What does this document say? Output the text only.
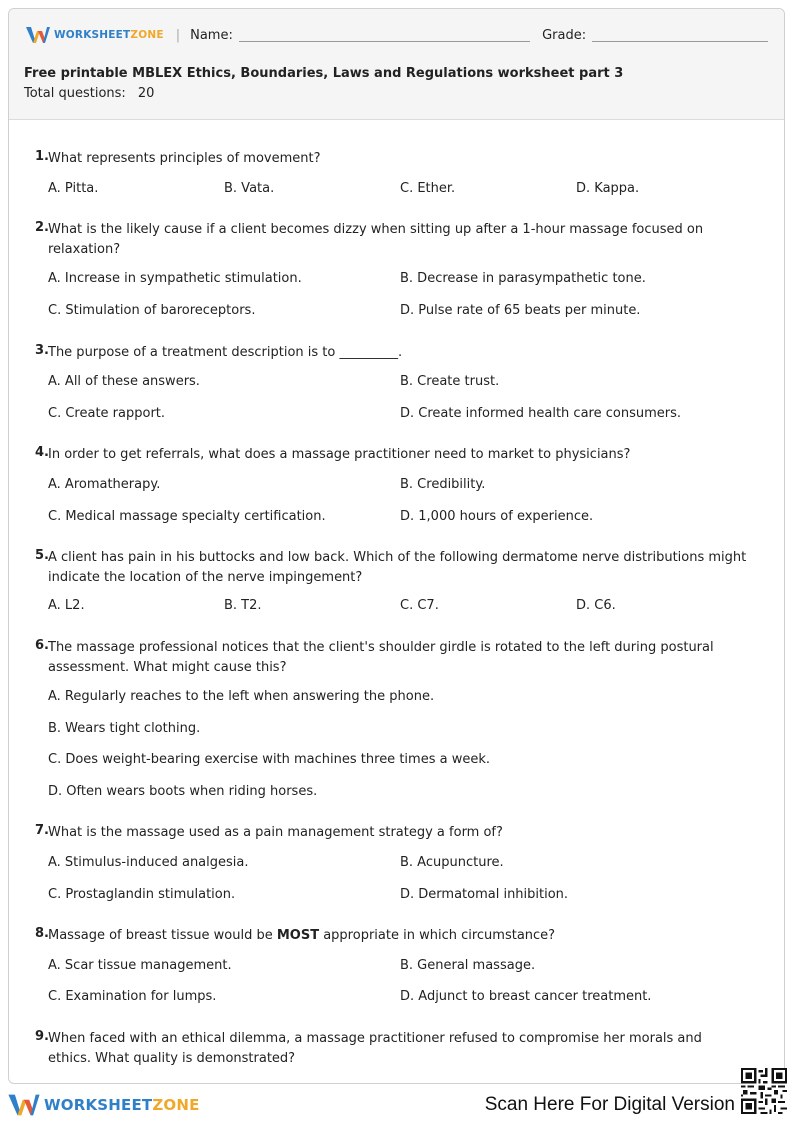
WORKSHEETZONE | Name:	Grade:
Free printable MBLEX Ethics, Boundaries, Laws and Regulations worksheet part 3
Total questions: 20
1. What represents principles of movement?
A. Pitta.	B. Vata.	C. Ether.	D. Kappa.
2. What is the likely cause if a client becomes dizzy when sitting up after a 1-hour massage focused on relaxation?
A. Increase in sympathetic stimulation.	B. Decrease in parasympathetic tone.
C. Stimulation of baroreceptors.	D. Pulse rate of 65 beats per minute.
3. The purpose of a treatment description is to _________.
A. All of these answers.	B. Create trust.
C. Create rapport.	D. Create informed health care consumers.
4. In order to get referrals, what does a massage practitioner need to market to physicians?
A. Aromatherapy.	B. Credibility.
C. Medical massage specialty certification.	D. 1,000 hours of experience.
5. A client has pain in his buttocks and low back. Which of the following dermatome nerve distributions might indicate the location of the nerve impingement?
A. L2.	B. T2.	C. C7.	D. C6.
6. The massage professional notices that the client's shoulder girdle is rotated to the left during postural assessment. What might cause this?
A. Regularly reaches to the left when answering the phone.
B. Wears tight clothing.
C. Does weight-bearing exercise with machines three times a week.
D. Often wears boots when riding horses.
7. What is the massage used as a pain management strategy a form of?
A. Stimulus-induced analgesia.	B. Acupuncture.
C. Prostaglandin stimulation.	D. Dermatomal inhibition.
8. Massage of breast tissue would be MOST appropriate in which circumstance?
A. Scar tissue management.	B. General massage.
C. Examination for lumps.	D. Adjunct to breast cancer treatment.
9. When faced with an ethical dilemma, a massage practitioner refused to compromise her morals and ethics. What quality is demonstrated?
WORKSHEETZONE	Scan Here For Digital Version
